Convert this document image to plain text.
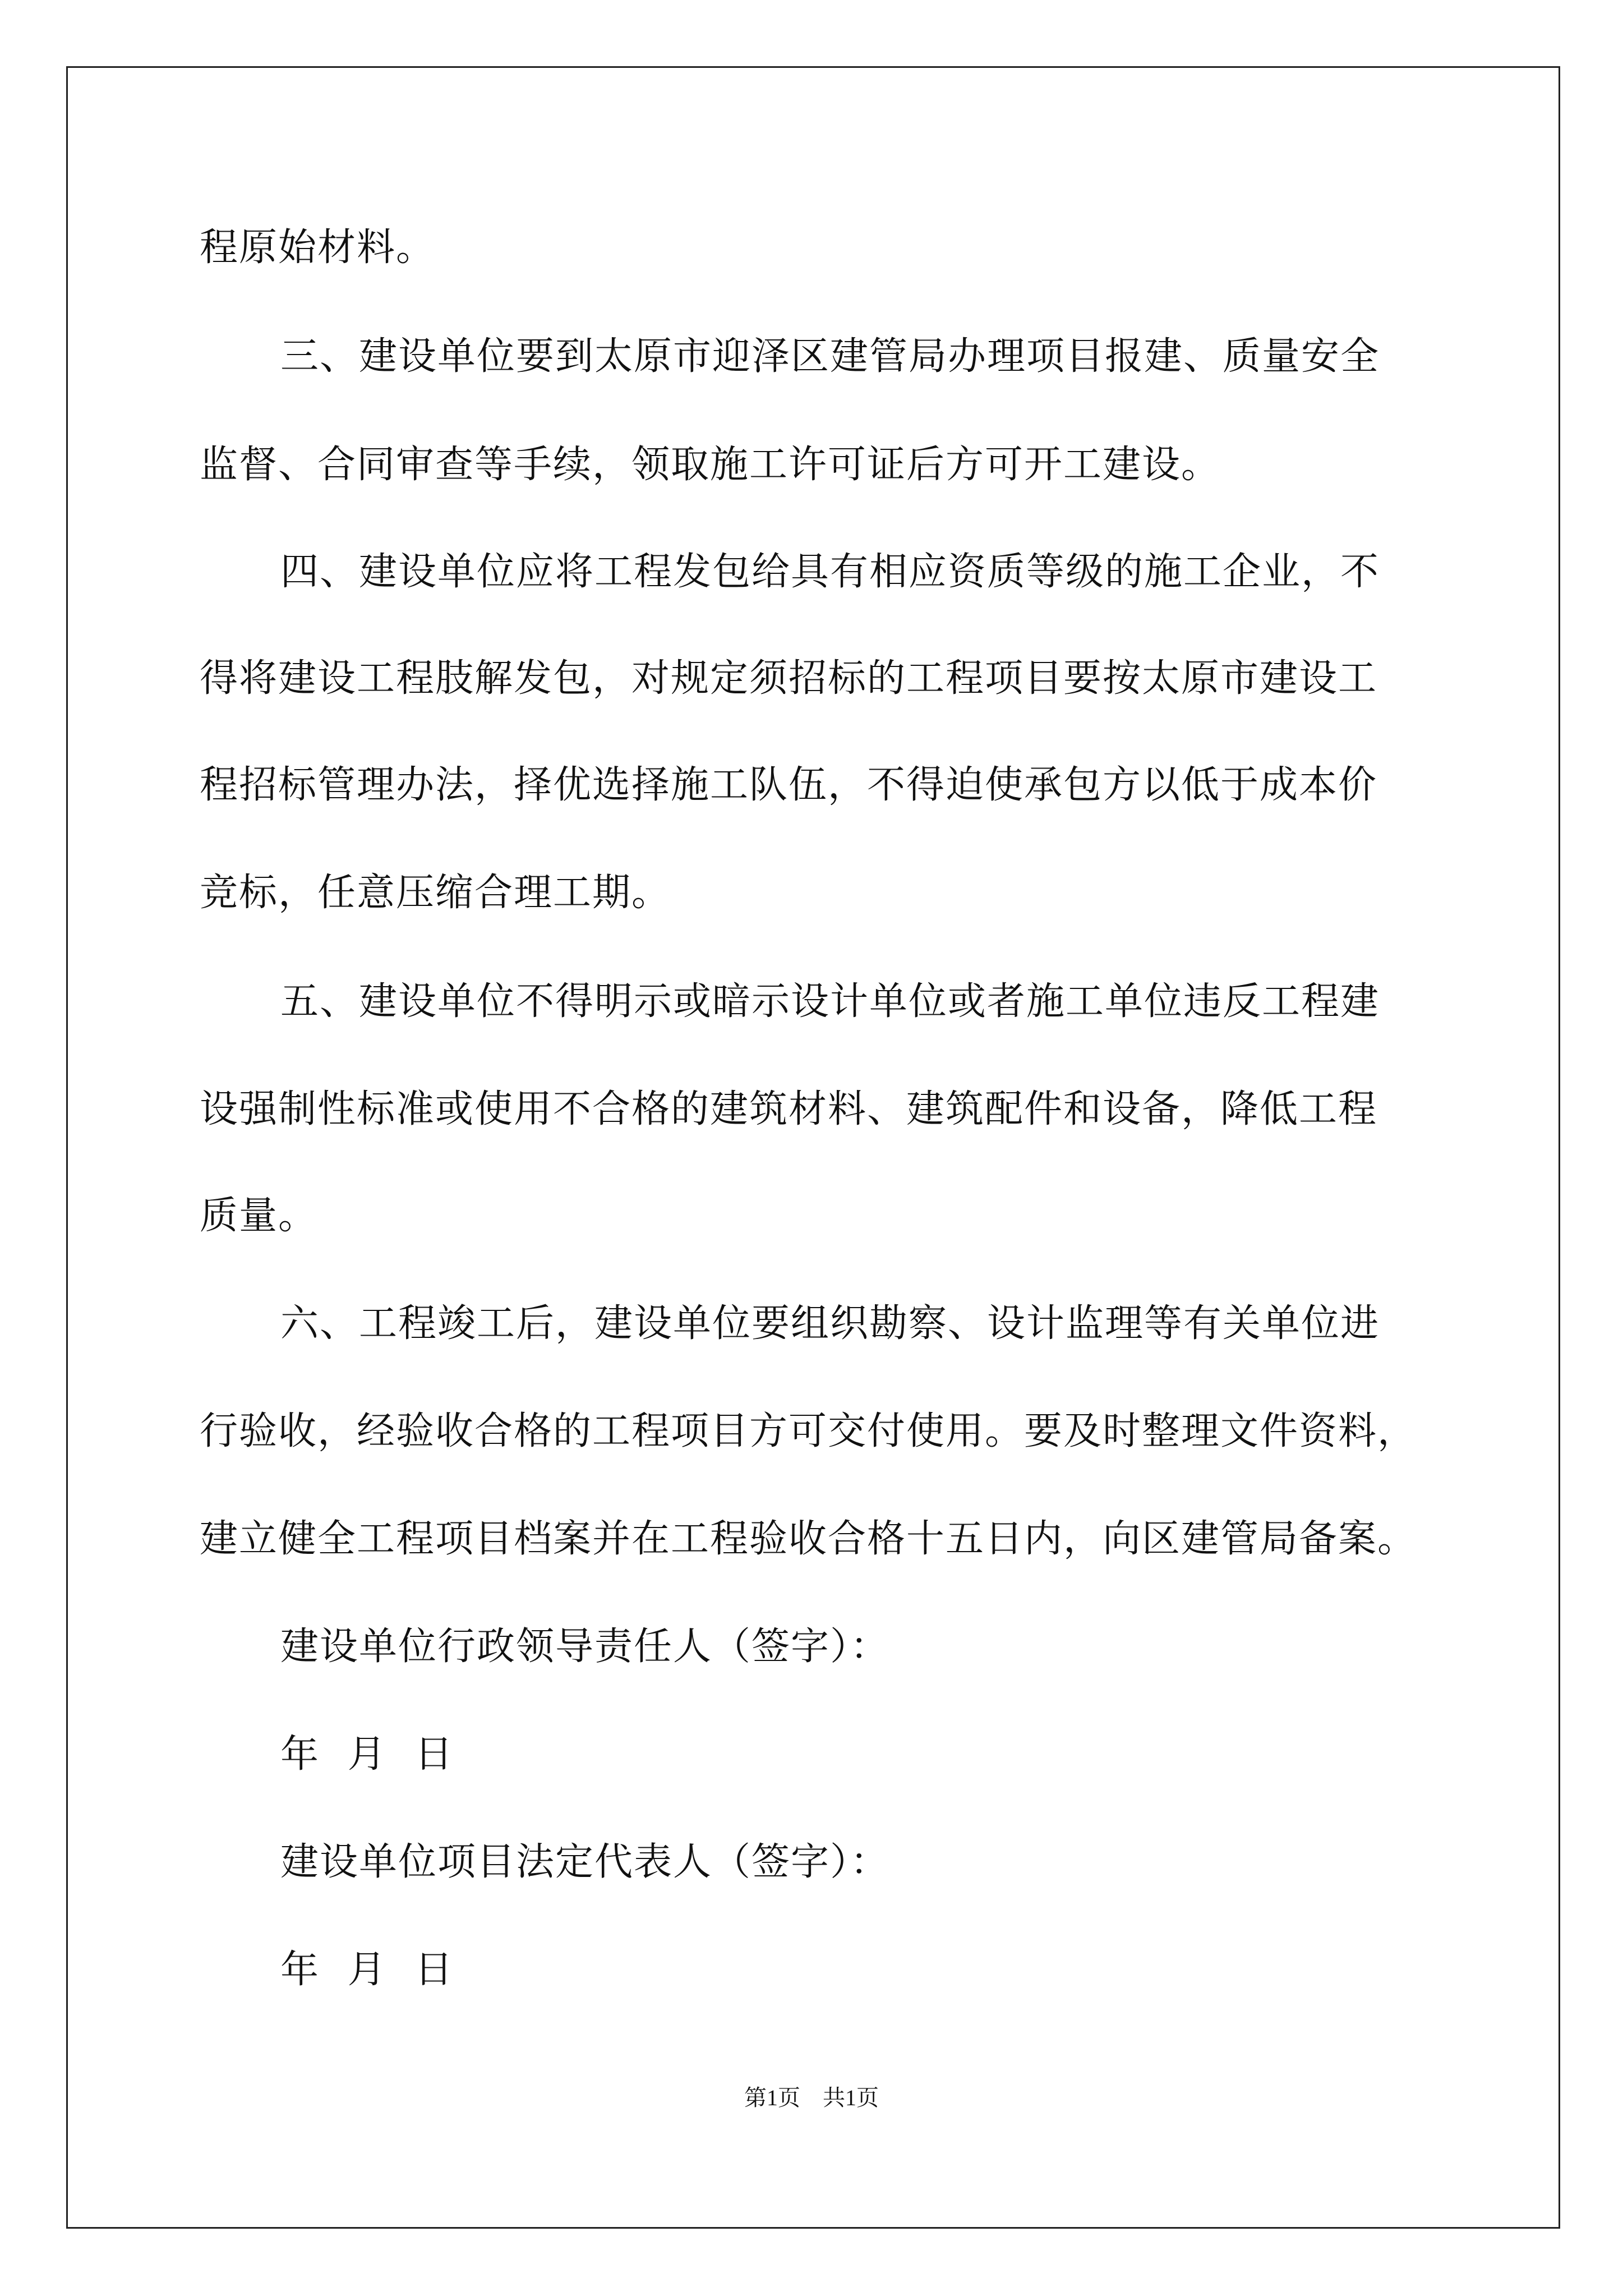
程原始材料。
三、建设单位要到太原市迎泽区建管局办理项目报建、质量安全
监督、合同审查等手续，领取施工许可证后方可开工建设。
四、建设单位应将工程发包给具有相应资质等级的施工企业，不
得将建设工程肢解发包，对规定须招标的工程项目要按太原市建设工
程招标管理办法，择优选择施工队伍，不得迫使承包方以低于成本价
竞标，任意压缩合理工期。
五、建设单位不得明示或暗示设计单位或者施工单位违反工程建
设强制性标准或使用不合格的建筑材料、建筑配件和设备，降低工程
质量。
六、工程竣工后，建设单位要组织勘察、设计监理等有关单位进
行验收，经验收合格的工程项目方可交付使用。要及时整理文件资料，
建立健全工程项目档案并在工程验收合格十五日内，向区建管局备案。
建设单位行政领导责任人（签字）：
年 月 日
建设单位项目法定代表人（签字）：
年 月 日
第1页 共1页
